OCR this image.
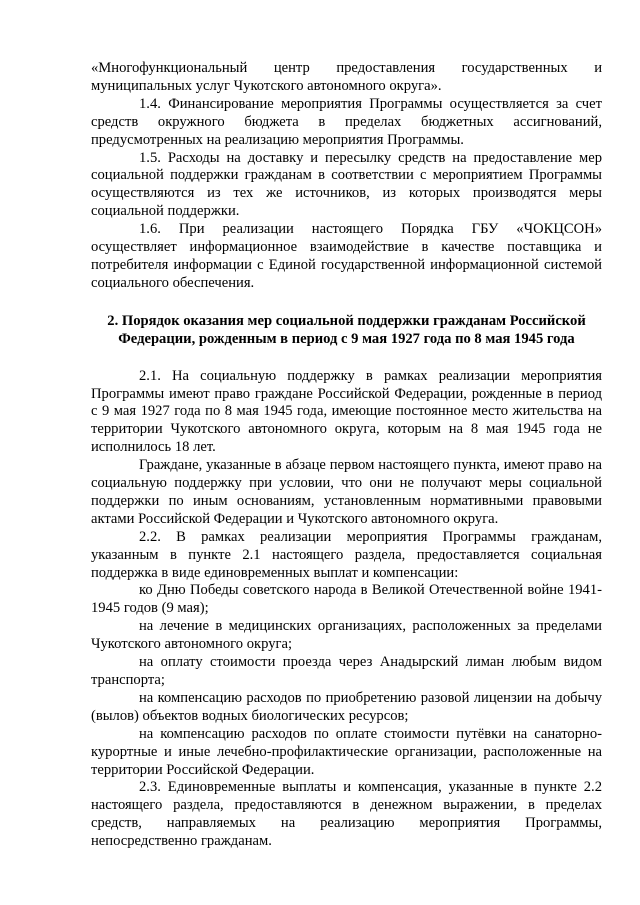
«Многофункциональный центр предоставления государственных и муниципальных услуг Чукотского автономного округа».

1.4. Финансирование мероприятия Программы осуществляется за счет средств окружного бюджета в пределах бюджетных ассигнований, предусмотренных на реализацию мероприятия Программы.

1.5. Расходы на доставку и пересылку средств на предоставление мер социальной поддержки гражданам в соответствии с мероприятием Программы осуществляются из тех же источников, из которых производятся меры социальной поддержки.

1.6. При реализации настоящего Порядка ГБУ «ЧОКЦСОН» осуществляет информационное взаимодействие в качестве поставщика и потребителя информации с Единой государственной информационной системой социального обеспечения.

2. Порядок оказания мер социальной поддержки гражданам Российской
Федерации, рожденным в период с 9 мая 1927 года по 8 мая 1945 года

2.1. На социальную поддержку в рамках реализации мероприятия Программы имеют право граждане Российской Федерации, рожденные в период с 9 мая 1927 года по 8 мая 1945 года, имеющие постоянное место жительства на территории Чукотского автономного округа, которым на 8 мая 1945 года не исполнилось 18 лет.

Граждане, указанные в абзаце первом настоящего пункта, имеют право на социальную поддержку при условии, что они не получают меры социальной поддержки по иным основаниям, установленным нормативными правовыми актами Российской Федерации и Чукотского автономного округа.

2.2. В рамках реализации мероприятия Программы гражданам, указанным в пункте 2.1 настоящего раздела, предоставляется социальная поддержка в виде единовременных выплат и компенсации:

ко Дню Победы советского народа в Великой Отечественной войне 1941-1945 годов (9 мая);

на лечение в медицинских организациях, расположенных за пределами Чукотского автономного округа;

на оплату стоимости проезда через Анадырский лиман любым видом транспорта;

на компенсацию расходов по приобретению разовой лицензии на добычу (вылов) объектов водных биологических ресурсов;

на компенсацию расходов по оплате стоимости путёвки на санаторно-курортные и иные лечебно-профилактические организации, расположенные на территории Российской Федерации.

2.3. Единовременные выплаты и компенсация, указанные в пункте 2.2 настоящего раздела, предоставляются в денежном выражении, в пределах средств, направляемых на реализацию мероприятия Программы, непосредственно гражданам.
